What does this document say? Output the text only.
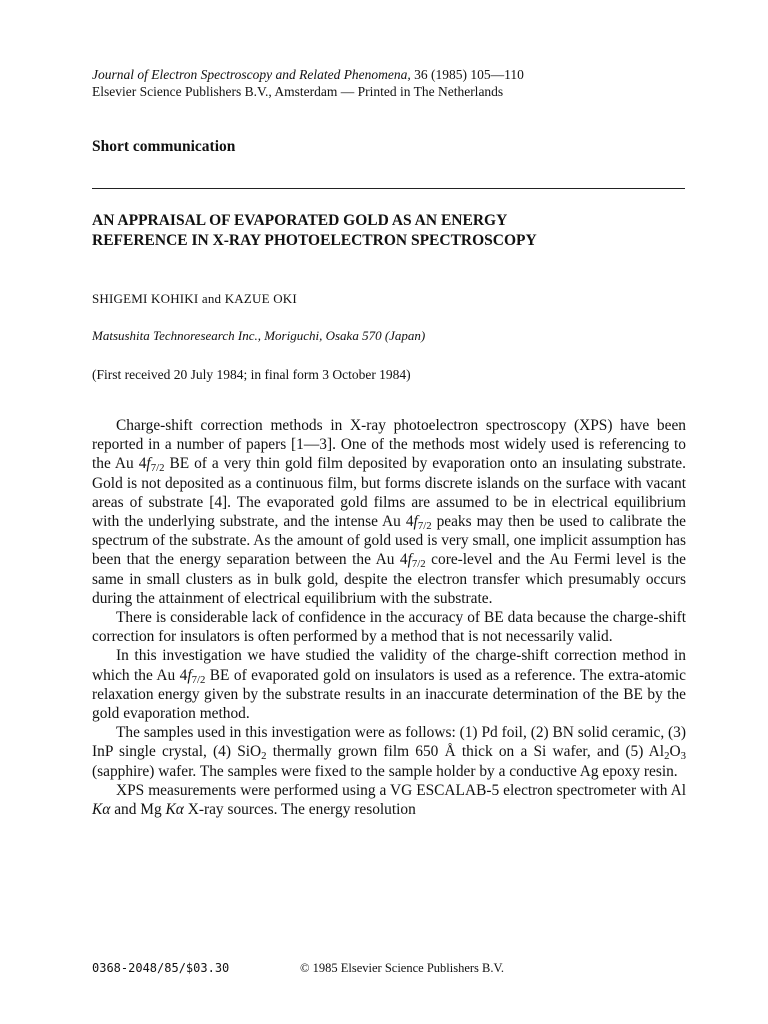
Journal of Electron Spectroscopy and Related Phenomena, 36 (1985) 105—110
Elsevier Science Publishers B.V., Amsterdam — Printed in The Netherlands
Short communication
AN APPRAISAL OF EVAPORATED GOLD AS AN ENERGY
REFERENCE IN X-RAY PHOTOELECTRON SPECTROSCOPY
SHIGEMI KOHIKI and KAZUE OKI
Matsushita Technoresearch Inc., Moriguchi, Osaka 570 (Japan)
(First received 20 July 1984; in final form 3 October 1984)

Charge-shift correction methods in X-ray photoelectron spectroscopy (XPS) have been reported in a number of papers [1—3]. One of the methods most widely used is referencing to the Au $4f_{7/2}$ BE of a very thin gold film deposited by evaporation onto an insulating substrate. Gold is not deposited as a continuous film, but forms discrete islands on the surface with vacant areas of substrate [4]. The evaporated gold films are assumed to be in electrical equilibrium with the underlying substrate, and the intense Au $4f_{7/2}$ peaks may then be used to calibrate the spectrum of the substrate. As the amount of gold used is very small, one implicit assumption has been that the energy separation between the Au $4f_{7/2}$ core-level and the Au Fermi level is the same in small clusters as in bulk gold, despite the electron transfer which presumably occurs during the attainment of electrical equilibrium with the substrate.

There is considerable lack of confidence in the accuracy of BE data because the charge-shift correction for insulators is often performed by a method that is not necessarily valid.

In this investigation we have studied the validity of the charge-shift correction method in which the Au $4f_{7/2}$ BE of evaporated gold on insulators is used as a reference. The extra-atomic relaxation energy given by the substrate results in an inaccurate determination of the BE by the gold evaporation method.

The samples used in this investigation were as follows: (1) Pd foil, (2) BN solid ceramic, (3) InP single crystal, (4) SiO$_2$ thermally grown film 650 Å thick on a Si wafer, and (5) $Al_2O_3$ (sapphire) wafer. The samples were fixed to the sample holder by a conductive Ag epoxy resin.

XPS measurements were performed using a VG ESCALAB-5 electron spectrometer with Al Kα and Mg Kα X-ray sources. The energy resolution

0368-2048/85/$03.30	© 1985 Elsevier Science Publishers B.V.
